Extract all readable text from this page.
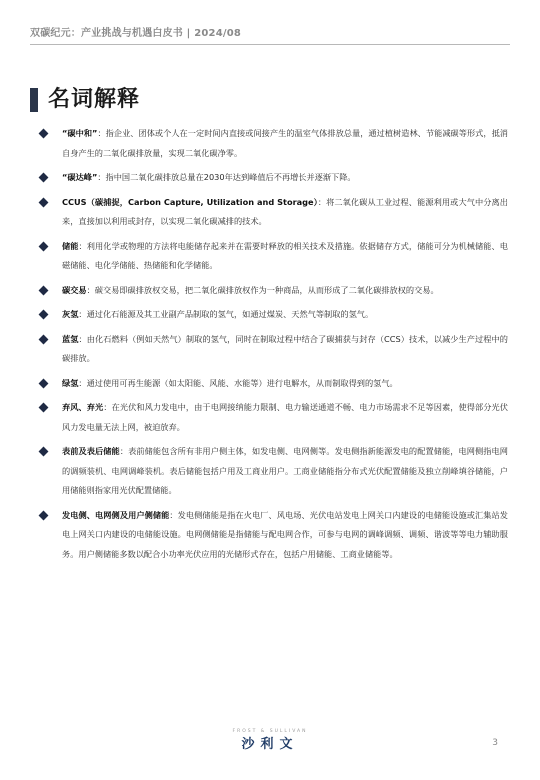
双碳纪元：产业挑战与机遇白皮书 | 2024/08
名词解释
“碳中和”：指企业、团体或个人在一定时间内直接或间接产生的温室气体排放总量，通过植树造林、节能减碳等形式，抵消自身产生的二氧化碳排放量，实现二氧化碳净零。
“碳达峰”：指中国二氧化碳排放总量在2030年达到峰值后不再增长并逐渐下降。
CCUS（碳捕捉，Carbon Capture, Utilization and Storage）：将二氧化碳从工业过程、能源利用或大气中分离出来，直接加以利用或封存，以实现二氧化碳减排的技术。
储能：利用化学或物理的方法将电能储存起来并在需要时释放的相关技术及措施。依据储存方式，储能可分为机械储能、电磁储能、电化学储能、热储能和化学储能。
碳交易：碳交易即碳排放权交易，把二氧化碳排放权作为一种商品，从而形成了二氧化碳排放权的交易。
灰氢：通过化石能源及其工业副产品制取的氢气，如通过煤炭、天然气等制取的氢气。
蓝氢：由化石燃料（例如天然气）制取的氢气，同时在制取过程中结合了碳捕获与封存（CCS）技术，以减少生产过程中的碳排放。
绿氢：通过使用可再生能源（如太阳能、风能、水能等）进行电解水，从而制取得到的氢气。
弃风、弃光：在光伏和风力发电中，由于电网接纳能力限制、电力输送通道不畅、电力市场需求不足等因素，使得部分光伏风力发电量无法上网，被迫放弃。
表前及表后储能：表前储能包含所有非用户侧主体，如发电侧、电网侧等。发电侧指新能源发电的配置储能，电网侧指电网的调频装机、电网调峰装机。表后储能包括户用及工商业用户。工商业储能指分布式光伏配置储能及独立削峰填谷储能，户用储能则指家用光伏配置储能。
发电侧、电网侧及用户侧储能：发电侧储能是指在火电厂、风电场、光伏电站发电上网关口内建设的电储能设施或汇集站发电上网关口内建设的电储能设施。电网侧储能是指储能与配电网合作，可参与电网的调峰调频、调频、谐波等等电力辅助服务。用户侧储能多数以配合小功率光伏应用的光储形式存在，包括户用储能、工商业储能等。
FROST & SULLIVAN
沙利文	3
